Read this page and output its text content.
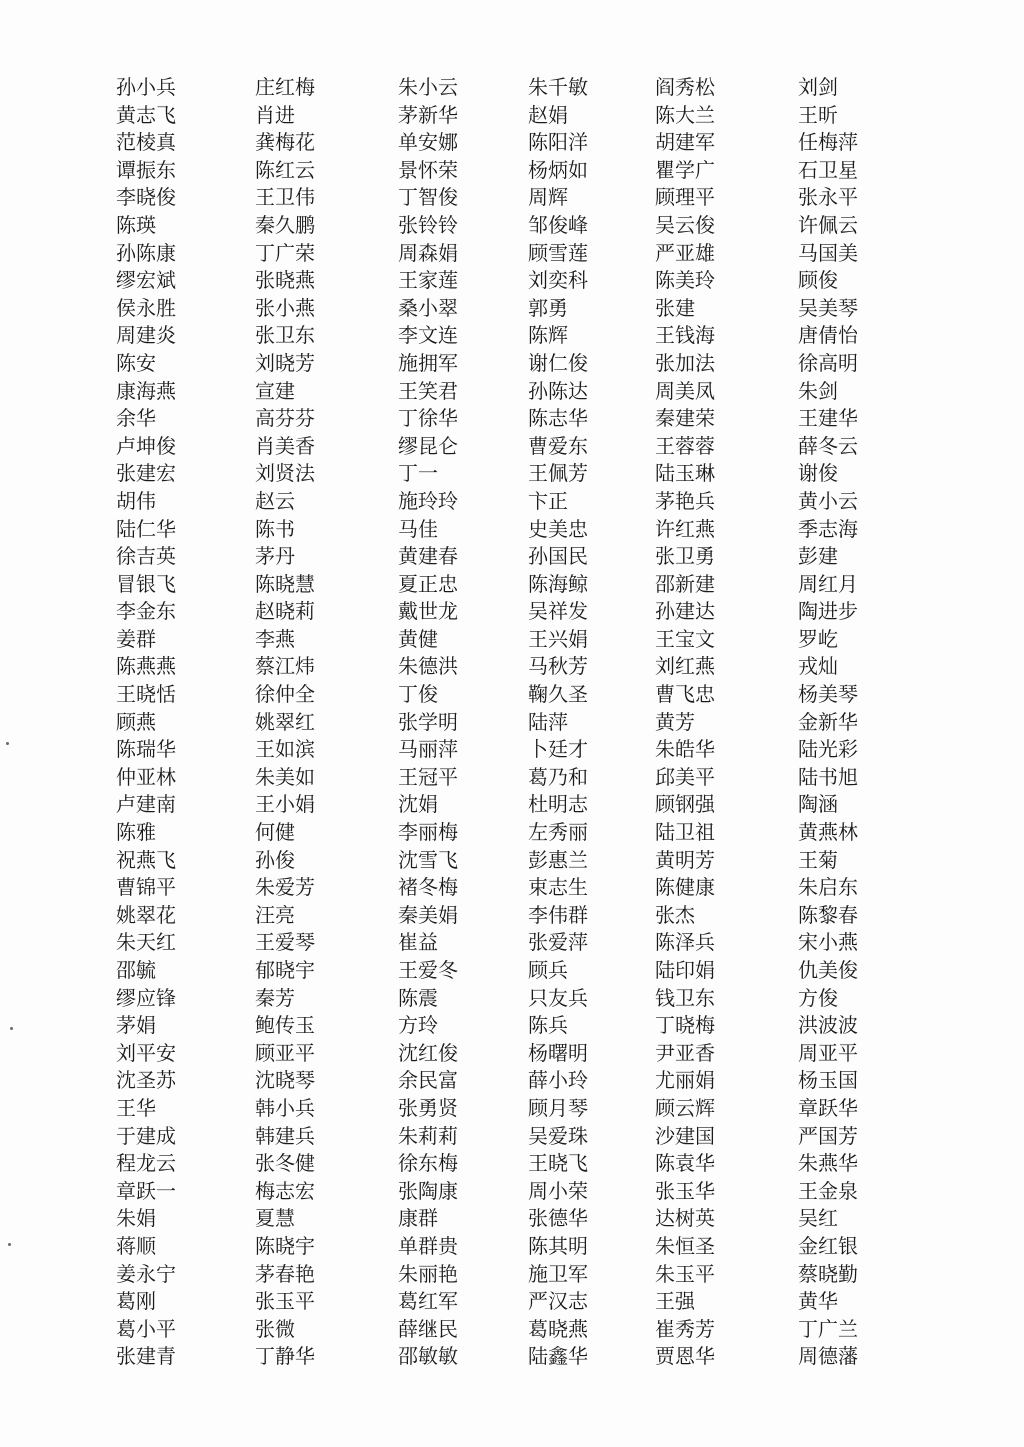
孙小兵	庄红梅	朱小云	朱千敏	阎秀松	刘剑
黄志飞	肖进	茅新华	赵娟	陈大兰	王昕
范棱真	龚梅花	单安娜	陈阳洋	胡建军	任梅萍
谭振东	陈红云	景怀荣	杨炳如	瞿学广	石卫星
李晓俊	王卫伟	丁智俊	周辉	顾理平	张永平
陈瑛	秦久鹏	张铃铃	邹俊峰	吴云俊	许佩云
孙陈康	丁广荣	周森娟	顾雪莲	严亚雄	马国美
缪宏斌	张晓燕	王家莲	刘奕科	陈美玲	顾俊
侯永胜	张小燕	桑小翠	郭勇	张建	吴美琴
周建炎	张卫东	李文连	陈辉	王钱海	唐倩怡
陈安	刘晓芳	施拥军	谢仁俊	张加法	徐高明
康海燕	宣建	王笑君	孙陈达	周美凤	朱剑
余华	高芬芬	丁徐华	陈志华	秦建荣	王建华
卢坤俊	肖美香	缪昆仑	曹爱东	王蓉蓉	薛冬云
张建宏	刘贤法	丁一	王佩芳	陆玉琳	谢俊
胡伟	赵云	施玲玲	卞正	茅艳兵	黄小云
陆仁华	陈书	马佳	史美忠	许红燕	季志海
徐吉英	茅丹	黄建春	孙国民	张卫勇	彭建
冒银飞	陈晓慧	夏正忠	陈海鲸	邵新建	周红月
李金东	赵晓莉	戴世龙	吴祥发	孙建达	陶进步
姜群	李燕	黄健	王兴娟	王宝文	罗屹
陈燕燕	蔡江炜	朱德洪	马秋芳	刘红燕	戎灿
王晓恬	徐仲全	丁俊	鞠久圣	曹飞忠	杨美琴
顾燕	姚翠红	张学明	陆萍	黄芳	金新华
陈瑞华	王如滨	马丽萍	卜廷才	朱皓华	陆光彩
仲亚林	朱美如	王冠平	葛乃和	邱美平	陆书旭
卢建南	王小娟	沈娟	杜明志	顾钢强	陶涵
陈雅	何健	李丽梅	左秀丽	陆卫祖	黄燕林
祝燕飞	孙俊	沈雪飞	彭惠兰	黄明芳	王菊
曹锦平	朱爱芳	褚冬梅	束志生	陈健康	朱启东
姚翠花	汪亮	秦美娟	李伟群	张杰	陈黎春
朱天红	王爱琴	崔益	张爱萍	陈泽兵	宋小燕
邵毓	郁晓宇	王爱冬	顾兵	陆印娟	仇美俊
缪应锋	秦芳	陈震	只友兵	钱卫东	方俊
茅娟	鲍传玉	方玲	陈兵	丁晓梅	洪波波
刘平安	顾亚平	沈红俊	杨曙明	尹亚香	周亚平
沈圣苏	沈晓琴	余民富	薛小玲	尤丽娟	杨玉国
王华	韩小兵	张勇贤	顾月琴	顾云辉	章跃华
于建成	韩建兵	朱莉莉	吴爱珠	沙建国	严国芳
程龙云	张冬健	徐东梅	王晓飞	陈袁华	朱燕华
章跃一	梅志宏	张陶康	周小荣	张玉华	王金泉
朱娟	夏慧	康群	张德华	达树英	吴红
蒋顺	陈晓宇	单群贵	陈其明	朱恒圣	金红银
姜永宁	茅春艳	朱丽艳	施卫军	朱玉平	蔡晓勤
葛刚	张玉平	葛红军	严汉志	王强	黄华
葛小平	张微	薛继民	葛晓燕	崔秀芳	丁广兰
张建青	丁静华	邵敏敏	陆鑫华	贾恩华	周德藩
